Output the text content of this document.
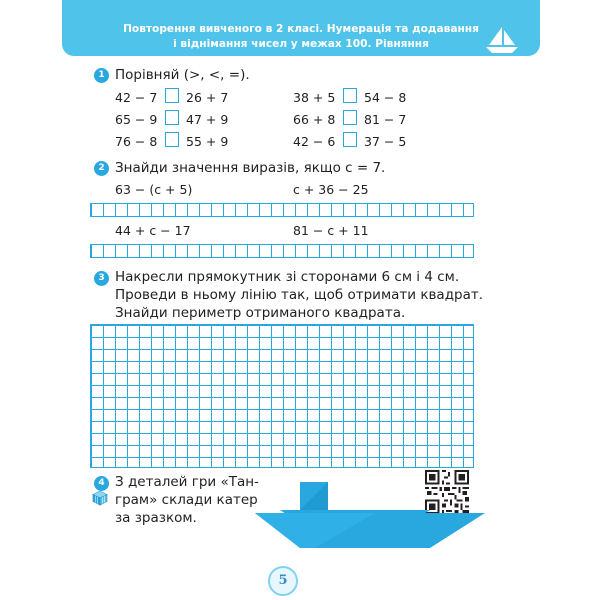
Повторення вивченого в 2 класі. Нумерація та додавання
і віднімання чисел у межах 100. Рівняння
1 Порівняй (>, <, =).
42 − 7 26 + 7	38 + 5 54 − 8
65 − 9 47 + 9	66 + 8 81 − 7
76 − 8 55 + 9	42 − 6 37 − 5
2 Знайди значення виразів, якщо с = 7.
63 − (с + 5)	с + 36 − 25
44 + с − 17	81 − с + 11
3 Накресли прямокутник зі сторонами 6 см і 4 см.
Проведи в ньому лінію так, щоб отримати квадрат.
Знайди периметр отриманого квадрата.
4 З деталей гри «Тан-
грам» склади катер
за зразком.
5
